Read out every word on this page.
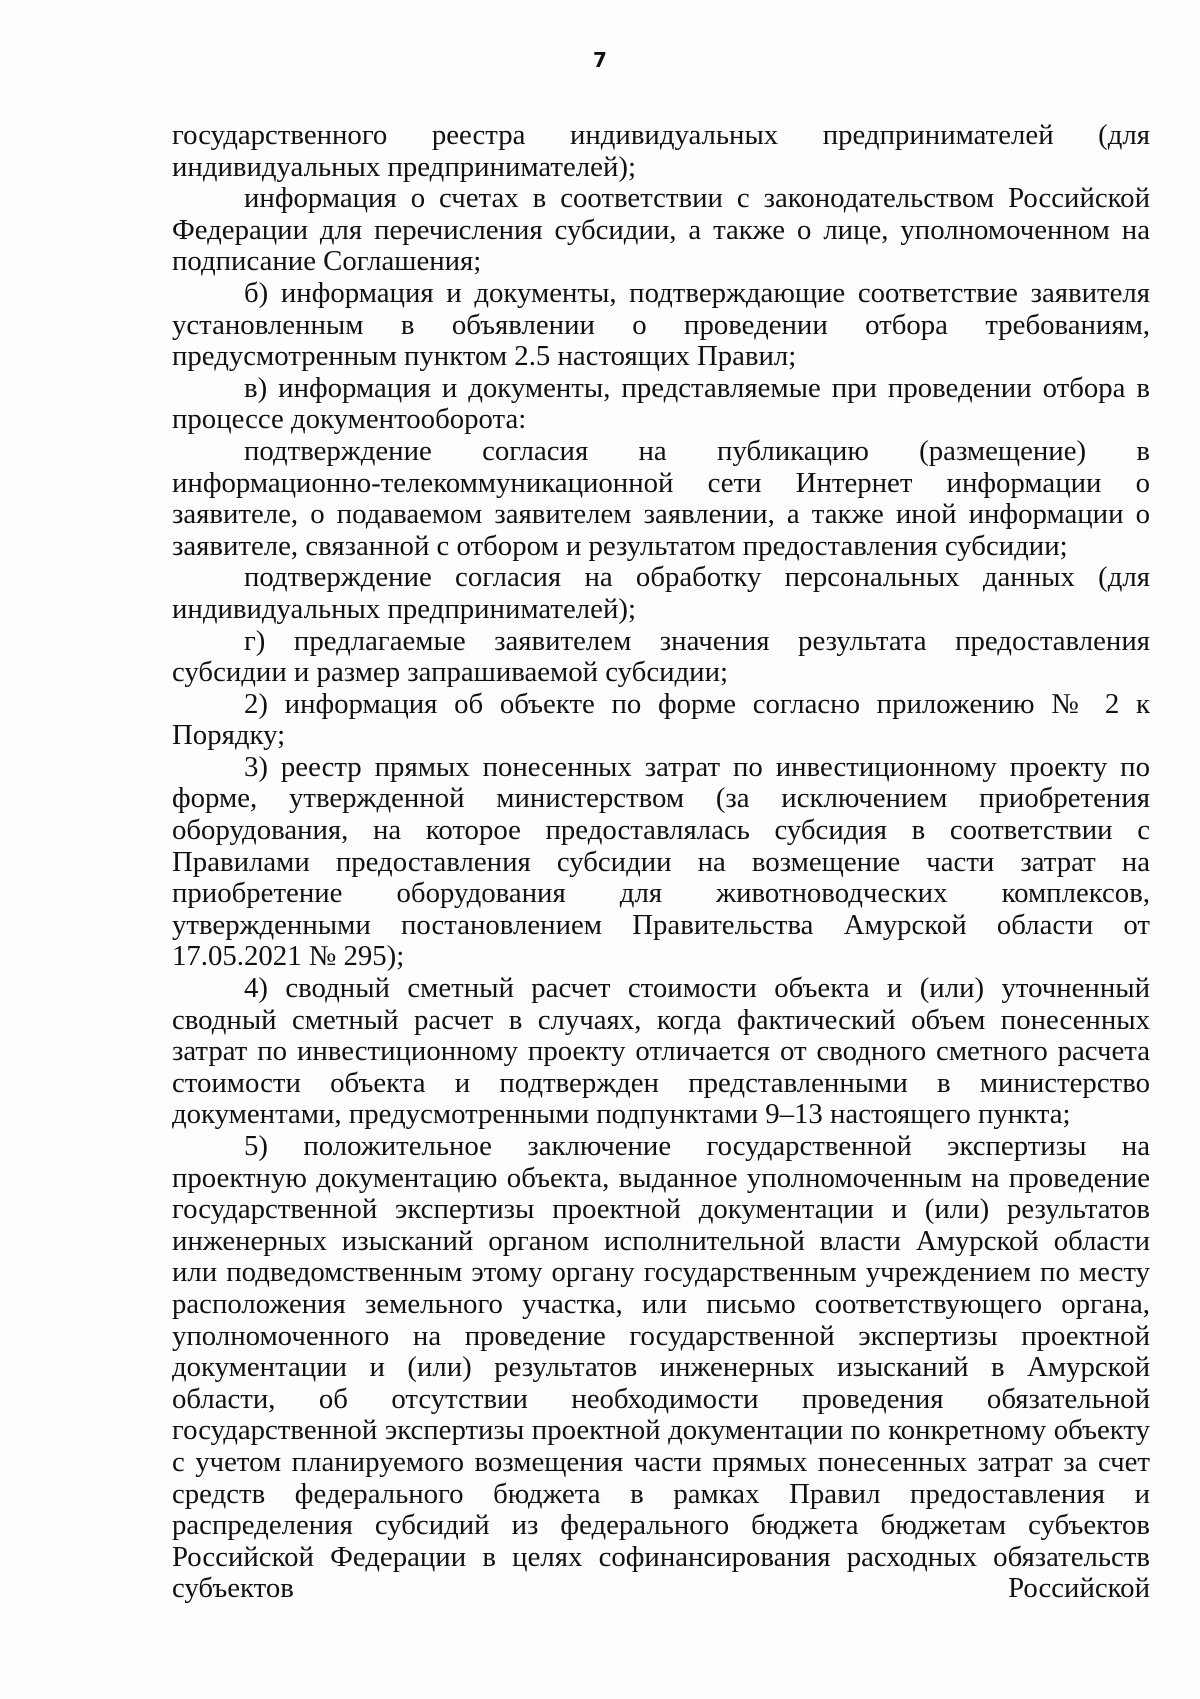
7

государственного реестра индивидуальных предпринимателей (для индивидуальных предпринимателей);

информация о счетах в соответствии с законодательством Российской Федерации для перечисления субсидии, а также о лице, уполномоченном на подписание Соглашения;

б) информация и документы, подтверждающие соответствие заявителя установленным в объявлении о проведении отбора требованиям, предусмотренным пунктом 2.5 настоящих Правил;

в) информация и документы, представляемые при проведении отбора в процессе документооборота:

подтверждение согласия на публикацию (размещение) в информационно-телекоммуникационной сети Интернет информации о заявителе, о подаваемом заявителем заявлении, а также иной информации о заявителе, связанной с отбором и результатом предоставления субсидии;

подтверждение согласия на обработку персональных данных (для индивидуальных предпринимателей);

г) предлагаемые заявителем значения результата предоставления субсидии и размер запрашиваемой субсидии;

2) информация об объекте по форме согласно приложению № 2 к Порядку;

3) реестр прямых понесенных затрат по инвестиционному проекту по форме, утвержденной министерством (за исключением приобретения оборудования, на которое предоставлялась субсидия в соответствии с Правилами предоставления субсидии на возмещение части затрат на приобретение оборудования для животноводческих комплексов, утвержденными постановлением Правительства Амурской области от 17.05.2021 № 295);

4) сводный сметный расчет стоимости объекта и (или) уточненный сводный сметный расчет в случаях, когда фактический объем понесенных затрат по инвестиционному проекту отличается от сводного сметного расчета стоимости объекта и подтвержден представленными в министерство документами, предусмотренными подпунктами 9–13 настоящего пункта;

5) положительное заключение государственной экспертизы на проектную документацию объекта, выданное уполномоченным на проведение государственной экспертизы проектной документации и (или) результатов инженерных изысканий органом исполнительной власти Амурской области или подведомственным этому органу государственным учреждением по месту расположения земельного участка, или письмо соответствующего органа, уполномоченного на проведение государственной экспертизы проектной документации и (или) результатов инженерных изысканий в Амурской области, об отсутствии необходимости проведения обязательной государственной экспертизы проектной документации по конкретному объекту с учетом планируемого возмещения части прямых понесенных затрат за счет средств федерального бюджета в рамках Правил предоставления и распределения субсидий из федерального бюджета бюджетам субъектов Российской Федерации в целях софинансирования расходных обязательств субъектов Российской
